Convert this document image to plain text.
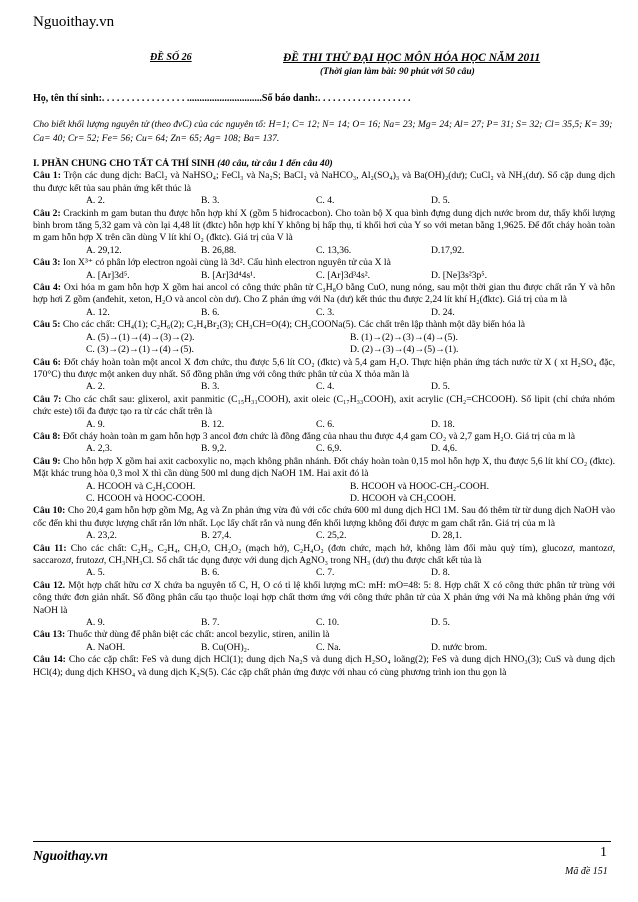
Nguoithay.vn
ĐỀ SỐ 26	ĐỀ THI THỬ ĐẠI HỌC MÔN HÓA HỌC NĂM 2011
(Thời gian làm bài: 90 phút với 50 câu)
Họ, tên thí sinh:. . . . . . . . . . . . . . . . . ..............................Số báo danh:. . . . . . . . . . . . . . . . . . .
Cho biết khối lượng nguyên tử (theo đvC) của các nguyên tố: H=1; C= 12; N= 14; O= 16; Na= 23; Mg= 24; Al= 27; P= 31; S= 32; Cl= 35,5; K= 39; Ca= 40; Cr= 52; Fe= 56; Cu= 64; Zn= 65; Ag= 108; Ba= 137.
I. PHẦN CHUNG CHO TẤT CẢ THÍ SINH (40 câu, từ câu 1 đến câu 40)

Câu 1: Trộn các dung dịch: BaCl₂ và NaHSO₄; FeCl₃ và Na₂S; BaCl₂ và NaHCO₃, Al₂(SO₄)₃ và Ba(OH)₂(dư); CuCl₂ và NH₃(dư). Số cặp dung dịch thu được kết tủa sau phản ứng kết thúc là

A. 2.	B. 3.	C. 4.	D. 5.

Câu 2: Crackinh m gam butan thu được hỗn hợp khí X (gồm 5 hiđrocacbon). Cho toàn bộ X qua bình đựng dung dịch nước brom dư, thấy khối lượng bình brom tăng 5,32 gam và còn lại 4,48 lít (đktc) hỗn hợp khí Y không bị hấp thụ, tỉ khối hơi của Y so với metan bằng 1,9625. Để đốt cháy hoàn toàn m gam hỗn hợp X trên cần dùng V lít khí O₂ (đktc). Giá trị của V là

A. 29,12.	B. 26,88.	C. 13,36.	D.17,92.

Câu 3: Ion X³⁺ có phân lớp electron ngoài cùng là 3d². Cấu hình electron nguyên tử của X là

A. [Ar]3d⁵.	B. [Ar]3d⁴4s¹.	C. [Ar]3d³4s².	D. [Ne]3s²3p⁵.

Câu 4: Oxi hóa m gam hỗn hợp X gồm hai ancol có công thức phân tử C₃H₈O bằng CuO, nung nóng, sau một thời gian thu được chất rắn Y và hỗn hợp hơi Z gồm (anđehit, xeton, H₂O và ancol còn dư). Cho Z phản ứng với Na (dư) kết thúc thu được 2,24 lít khí H₂(đktc). Giá trị của m là

A. 12.	B. 6.	C. 3.	D. 24.

Câu 5: Cho các chất: CH₄(1); C₂H₆(2); C₂H₄Br₂(3); CH₃CH=O(4); CH₃COONa(5). Các chất trên lập thành một dãy biến hóa là

A. (5)→(1)→(4)→(3)→(2).	B. (1)→(2)→(3)→(4)→(5).
C. (3)→(2)→(1)→(4)→(5).	D. (2)→(3)→(4)→(5)→(1).

Câu 6: Đốt cháy hoàn toàn một ancol X đơn chức, thu được 5,6 lít CO₂ (đktc) và 5,4 gam H₂O. Thực hiện phản ứng tách nước từ X ( xt H₂SO₄ đặc, 170°C) thu được một anken duy nhất. Số đồng phân ứng với công thức phân tử của X thỏa mãn là

A. 2.	B. 3.	C. 4.	D. 5.

Câu 7: Cho các chất sau: glixerol, axit panmitic (C₁₅H₃₁COOH), axit oleic (C₁₇H₃₃COOH), axit acrylic (CH₂=CHCOOH). Số lipit (chỉ chứa nhóm chức este) tối đa được tạo ra từ các chất trên là

A. 9.	B. 12.	C. 6.	D. 18.

Câu 8: Đốt cháy hoàn toàn m gam hỗn hợp 3 ancol đơn chức là đồng đẳng của nhau thu được 4,4 gam CO₂ và 2,7 gam H₂O. Giá trị của m là

A. 2,3.	B. 9,2.	C. 6,9.	D. 4,6.

Câu 9: Cho hỗn hợp X gồm hai axit cacboxylic no, mạch không phân nhánh. Đốt cháy hoàn toàn 0,15 mol hỗn hợp X, thu được 5,6 lít khí CO₂ (đktc). Mặt khác trung hòa 0,3 mol X thì cần dùng 500 ml dung dịch NaOH 1M. Hai axit đó là

A. HCOOH và C₂H₅COOH.	B. HCOOH và HOOC-CH₂-COOH.
C. HCOOH và HOOC-COOH.	D. HCOOH và CH₃COOH.

Câu 10: Cho 20,4 gam hỗn hợp gồm Mg, Ag và Zn phản ứng vừa đủ với cốc chứa 600 ml dung dịch HCl 1M. Sau đó thêm từ từ dung dịch NaOH vào cốc đến khi thu được lượng chất rắn lớn nhất. Lọc lấy chất rắn và nung đến khối lượng không đổi được m gam chất rắn. Giá trị của m là

A. 23,2.	B. 27,4.	C. 25,2.	D. 28,1.

Câu 11: Cho các chất: C₂H₂, C₂H₄, CH₂O, CH₂O₂ (mạch hở), C₂H₄O₂ (đơn chức, mạch hở, không làm đổi màu quỳ tím), glucozơ, mantozơ, saccarozơ, frutozơ, CH₃NH₃Cl. Số chất tác dụng được với dung dịch AgNO₃ trong NH₃ (dư) thu được chất kết tủa là

A. 5.	B. 6.	C. 7.	D. 8.

Câu 12. Một hợp chất hữu cơ X chứa ba nguyên tố C, H, O có tỉ lệ khối lượng mC: mH: mO=48: 5: 8. Hợp chất X có công thức phân tử trùng với công thức đơn giản nhất. Số đồng phân cấu tạo thuộc loại hợp chất thơm ứng với công thức phân tử của X phản ứng với Na mà không phản ứng với NaOH là

A. 9.	B. 7.	C. 10.	D. 5.

Câu 13: Thuốc thử dùng để phân biệt các chất: ancol bezylic, stiren, anilin là

A. NaOH.	B. Cu(OH)₂.	C. Na.	D. nước brom.

Câu 14: Cho các cặp chất: FeS và dung dịch HCl(1); dung dịch Na₂S và dung dịch H₂SO₄ loãng(2); FeS và dung dịch HNO₃(3); CuS và dung dịch HCl(4); dung dịch KHSO₄ và dung dịch K₂S(5). Các cặp chất phản ứng được với nhau có cùng phương trình ion thu gọn là

Nguoithay.vn	1
Mã đề 151
